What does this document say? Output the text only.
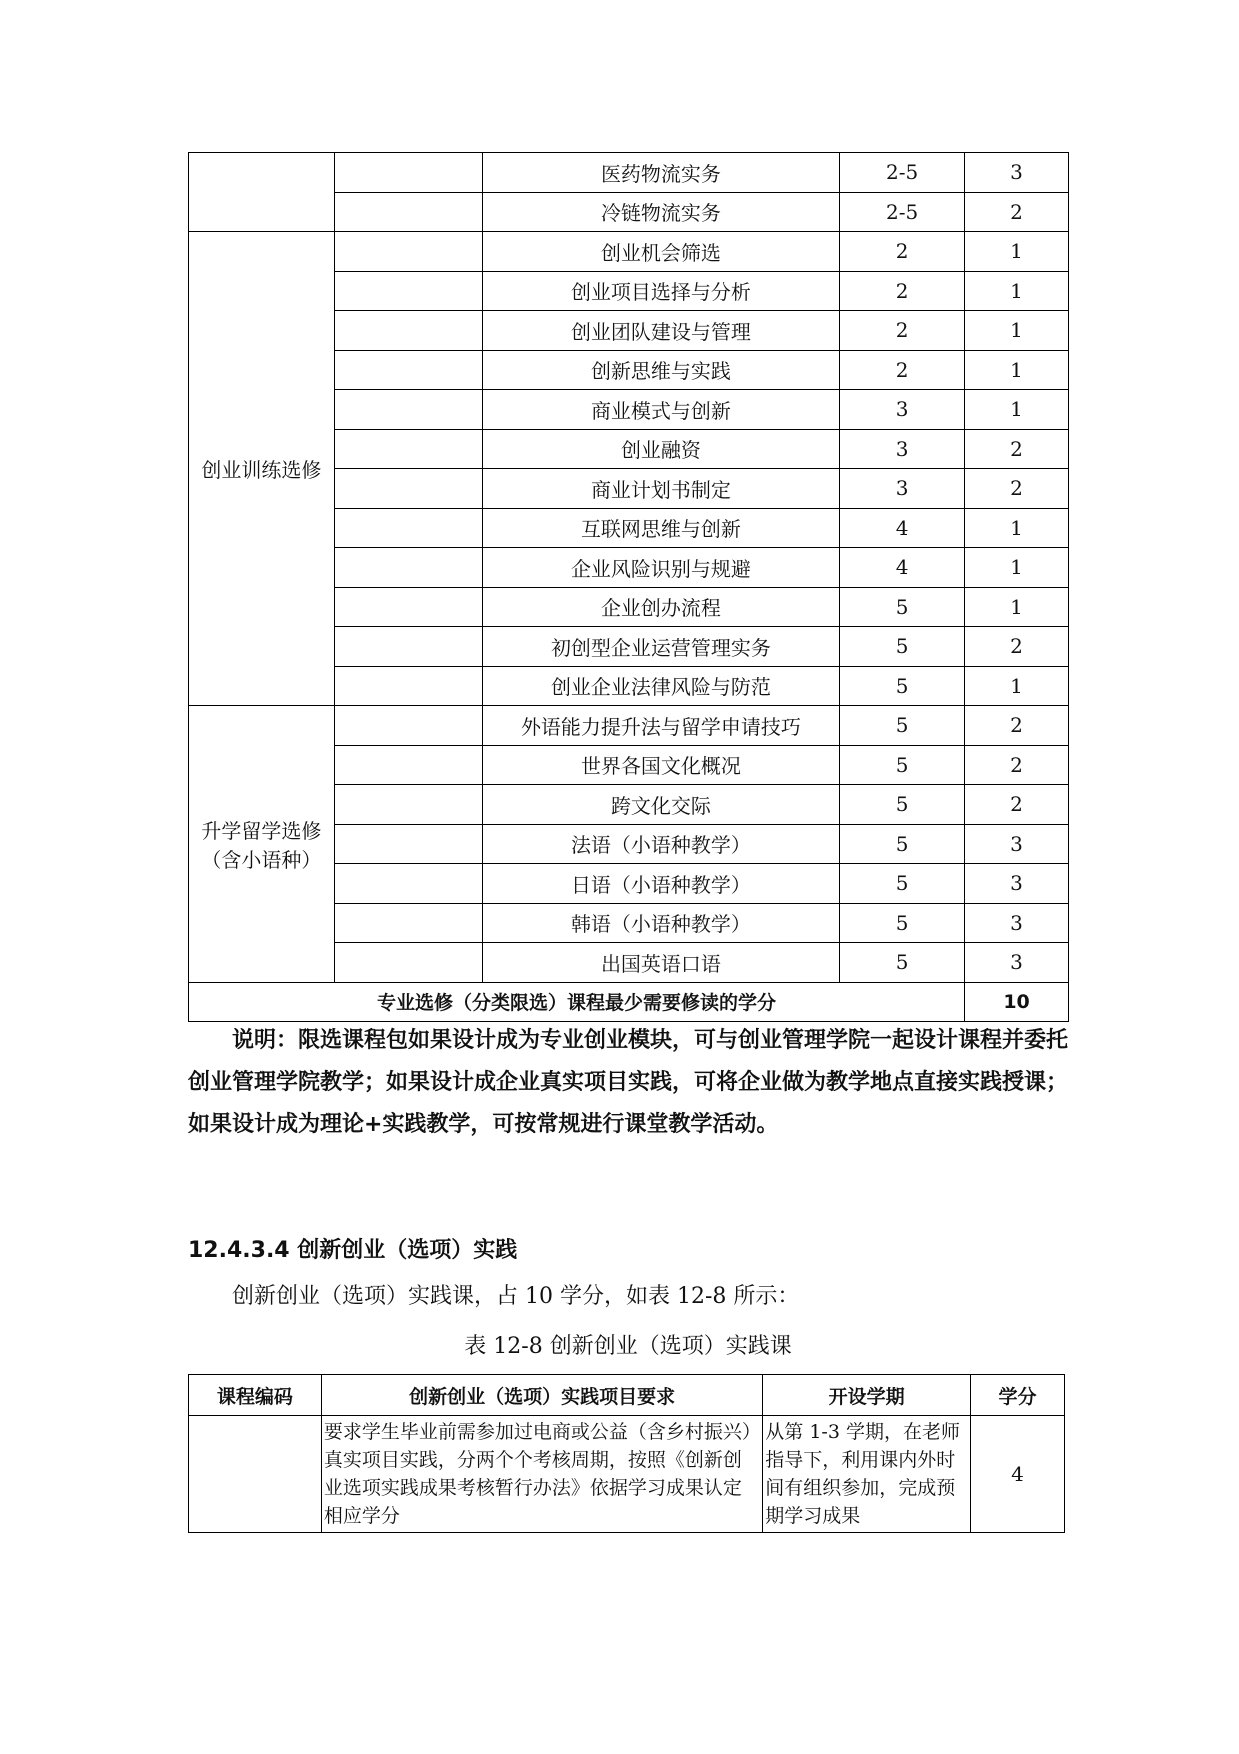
		医药物流实务	2-5	3
		冷链物流实务	2-5	2
创业训练选修		创业机会筛选	2	1
		创业项目选择与分析	2	1
		创业团队建设与管理	2	1
		创新思维与实践	2	1
		商业模式与创新	3	1
		创业融资	3	2
		商业计划书制定	3	2
		互联网思维与创新	4	1
		企业风险识别与规避	4	1
		企业创办流程	5	1
		初创型企业运营管理实务	5	2
		创业企业法律风险与防范	5	1
升学留学选修（含小语种）		外语能力提升法与留学申请技巧	5	2
		世界各国文化概况	5	2
		跨文化交际	5	2
		法语（小语种教学）	5	3
		日语（小语种教学）	5	3
		韩语（小语种教学）	5	3
		出国英语口语	5	3
专业选修（分类限选）课程最少需要修读的学分				10
说明：限选课程包如果设计成为专业创业模块，可与创业管理学院一起设计课程并委托创业管理学院教学；如果设计成企业真实项目实践，可将企业做为教学地点直接实践授课；如果设计成为理论+实践教学，可按常规进行课堂教学活动。
12.4.3.4 创新创业（选项）实践
创新创业（选项）实践课，占 10 学分，如表 12-8 所示：
表 12-8 创新创业（选项）实践课
课程编码	创新创业（选项）实践项目要求	开设学期	学分
	要求学生毕业前需参加过电商或公益（含乡村振兴）真实项目实践，分两个个考核周期，按照《创新创业选项实践成果考核暂行办法》依据学习成果认定相应学分	从第 1-3 学期，在老师指导下，利用课内外时间有组织参加，完成预期学习成果	4
